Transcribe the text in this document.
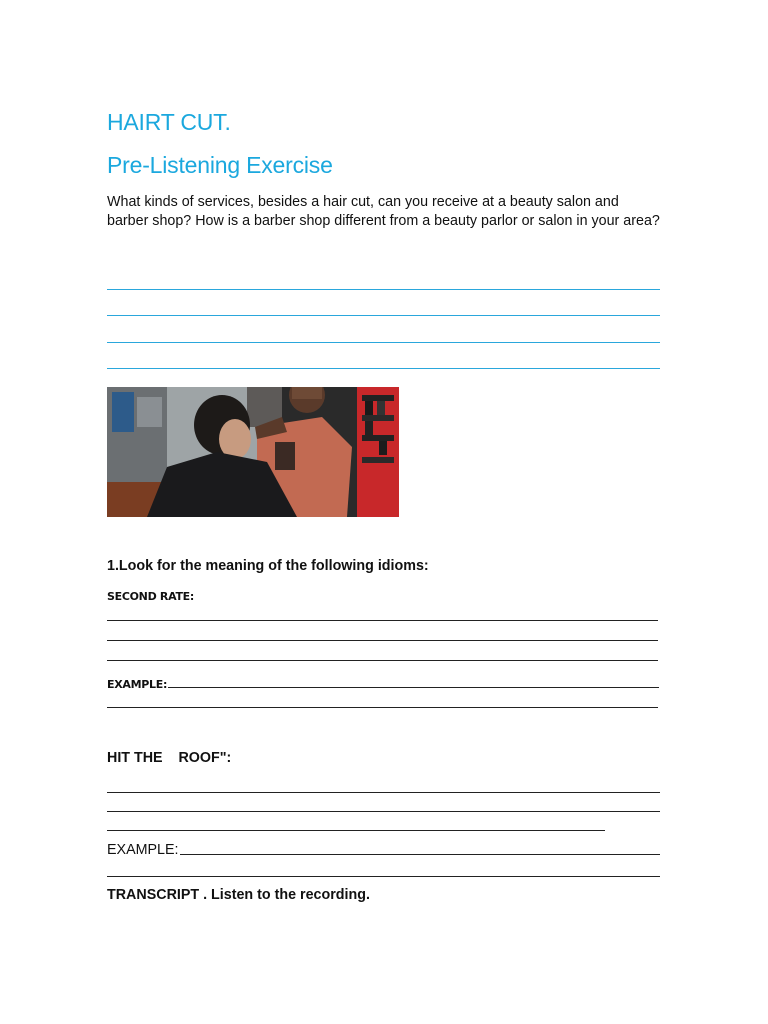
HAIRT CUT.
Pre-Listening Exercise
What kinds of services, besides a hair cut, can you receive at a beauty salon and barber shop? How is a barber shop different from a beauty parlor or salon in your area?
1.Look for the meaning of the following idioms:
SECOND RATE:
EXAMPLE:
HIT THE    ROOF":
EXAMPLE:
TRANSCRIPT . Listen to the recording.
